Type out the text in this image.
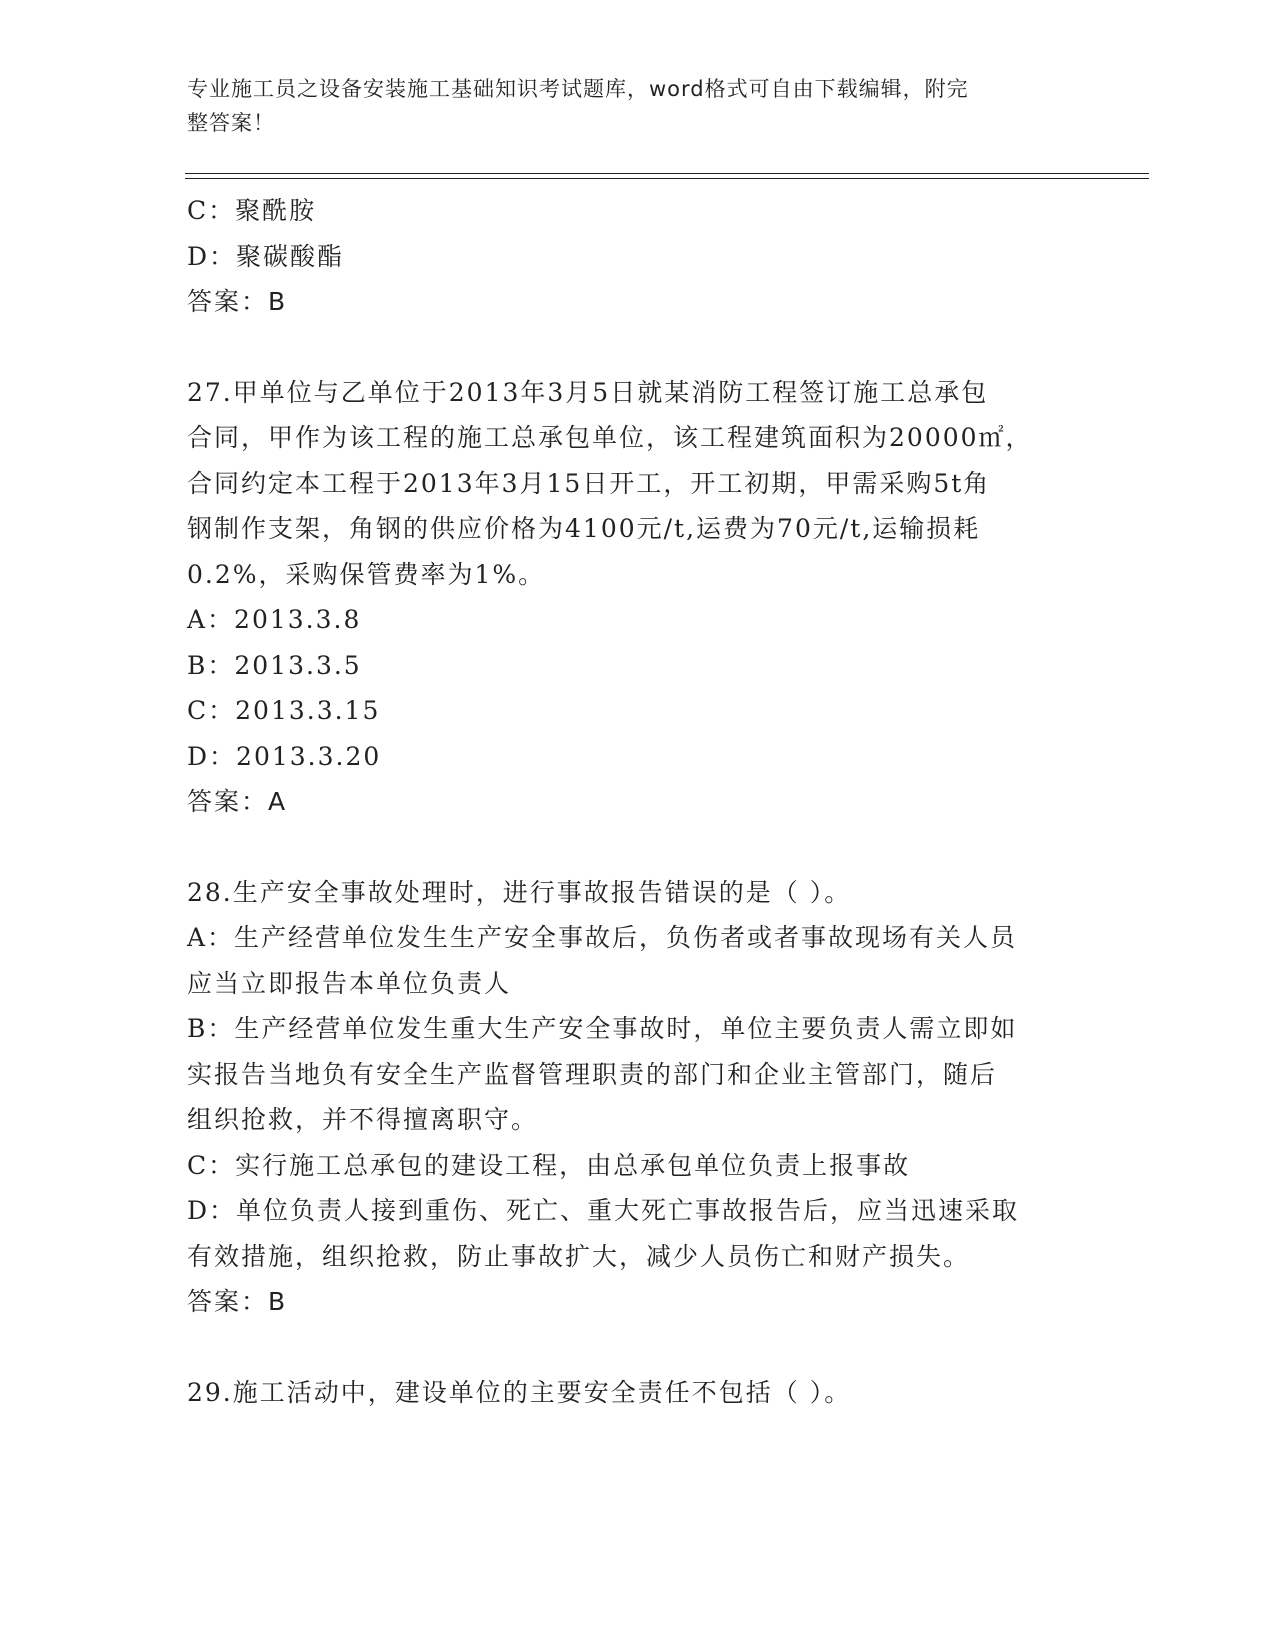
专业施工员之设备安装施工基础知识考试题库，word格式可自由下载编辑，附完
整答案！

C：聚酰胺

D：聚碳酸酯

答案：B

27.甲单位与乙单位于2013年3月5日就某消防工程签订施工总承包

合同，甲作为该工程的施工总承包单位，该工程建筑面积为20000㎡，

合同约定本工程于2013年3月15日开工，开工初期，甲需采购5t角

钢制作支架，角钢的供应价格为4100元/t,运费为70元/t,运输损耗

0.2%，采购保管费率为1%。

A：2013.3.8

B：2013.3.5

C：2013.3.15

D：2013.3.20

答案：A

28.生产安全事故处理时，进行事故报告错误的是（ ）。

A：生产经营单位发生生产安全事故后，负伤者或者事故现场有关人员

应当立即报告本单位负责人

B：生产经营单位发生重大生产安全事故时，单位主要负责人需立即如

实报告当地负有安全生产监督管理职责的部门和企业主管部门，随后

组织抢救，并不得擅离职守。

C：实行施工总承包的建设工程，由总承包单位负责上报事故

D：单位负责人接到重伤、死亡、重大死亡事故报告后，应当迅速采取

有效措施，组织抢救，防止事故扩大，减少人员伤亡和财产损失。

答案：B

29.施工活动中，建设单位的主要安全责任不包括（ ）。
